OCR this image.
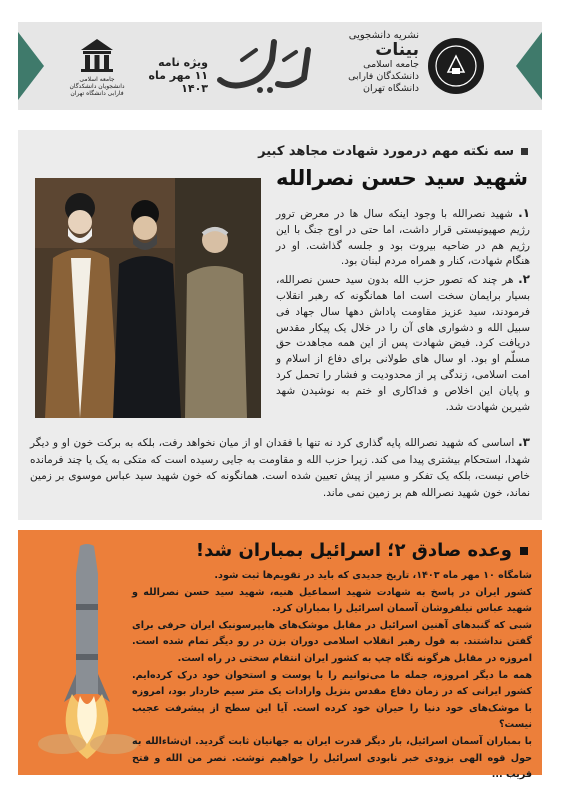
نشریه دانشجویی
بینات
جامعه اسلامی
دانشکدگان فارابی
دانشگاه تهران
ویژه نامه
۱۱ مهر ماه ۱۴۰۳
جامعه اسلامی دانشجویان دانشکدگان فارابی دانشگاه تهران
سه نکته مهم درمورد شهادت مجاهد کبیر
شهید سید حسن نصرالله

۱. شهید نصرالله با وجود اینکه سال ها در معرض ترور رژیم صهیونیستی قرار داشت، اما حتی در اوج جنگ با این رژیم هم در ضاحیه بیروت بود و جلسه گذاشت. او در هنگام شهادت، کنار و همراه مردم لبنان بود.

۲. هر چند که تصور حزب الله بدون سید حسن نصرالله، بسیار برایمان سخت است اما همانگونه که رهبر انقلاب فرمودند، سید عزیز مقاومت پاداش دهها سال جهاد فی سبیل الله و دشواری های آن را در خلال یک پیکار مقدس دریافت کرد. فیض شهادت پس از این همه مجاهدت حق مسلّم او بود. او سال های طولانی برای دفاع از اسلام و امت اسلامی، زندگی پر از محدودیت و فشار را تحمل کرد و پایان این اخلاص و فداکاری او ختم به نوشیدن شهد شیرین شهادت شد.

۳. اساسی که شهید نصرالله پایه گذاری کرد نه تنها با فقدان او از میان نخواهد رفت، بلکه به برکت خون او و دیگر شهدا، استحکام بیشتری پیدا می کند. زیرا حزب الله و مقاومت به جایی رسیده است که متکی به یک یا چند فرمانده خاص نیست، بلکه یک تفکر و مسیر از پیش تعیین شده است. همانگونه که خون شهید سید عباس موسوی بر زمین نماند، خون شهید نصرالله هم بر زمین نمی ماند.
وعده صادق ۲؛ اسرائیل بمباران شد!

شامگاه ۱۰ مهر ماه ۱۴۰۳، تاریخ جدیدی که باید در تقویم‌ها ثبت شود.

کشور ایران در پاسخ به شهادت شهید اسماعیل هنیه، شهید سید حسن نصرالله و شهید عباس نیلفروشان آسمان اسرائیل را بمباران کرد.

شبی که گنبدهای آهنین اسرائیل در مقابل موشک‌های هایپرسونیک ایران حرفی برای گفتن نداشتند. به قول رهبر انقلاب اسلامی دوران بزن در رو دیگر تمام شده است. امروزه در مقابل هرگونه نگاه چپ به کشور ایران انتقام سختی در راه است.

همه ما دیگر امروزه، جمله ما می‌توانیم را با پوست و استخوان خود درک کرده‌ایم. کشور ایرانی که در زمان دفاع مقدس بنزیل وارادات یک متر سیم خاردار بود، امروزه با موشک‌های خود دنیا را حیران خود کرده است. آیا این سطح از پیشرفت عجیب نیست؟

با بمباران آسمان اسرائیل، بار دیگر قدرت ایران به جهانیان ثابت گردید. ان‌شاءالله به حول قوه الهی بزودی خبر نابودی اسرائیل را خواهیم نوشت. نصر من الله و فتح قریب ...
